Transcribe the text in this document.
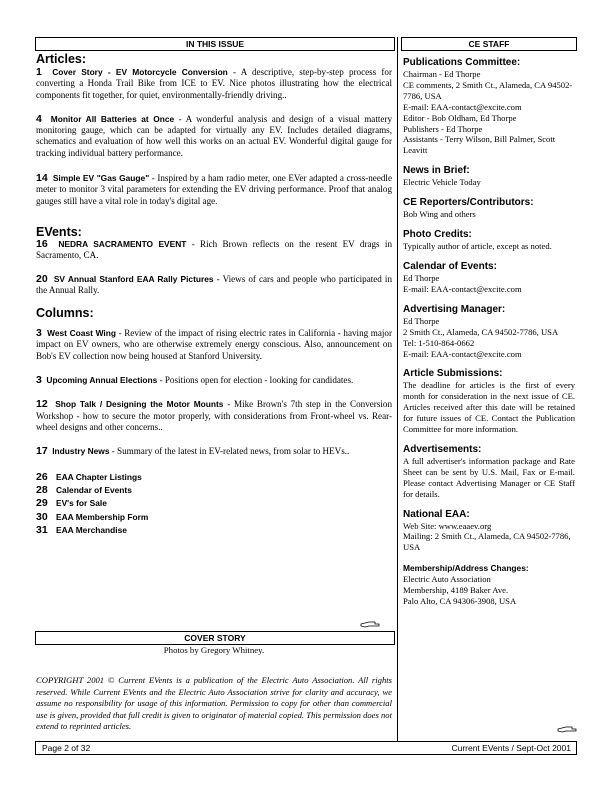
IN THIS ISSUE	CE STAFF

Articles:

1 Cover Story - EV Motorcycle Conversion - A descriptive, step-by-step process for converting a Honda Trail Bike from ICE to EV. Nice photos illustrating how the electrical components fit together, for quiet, environmentally-friendly driving..

4 Monitor All Batteries at Once - A wonderful analysis and design of a visual mattery monitoring gauge, which can be adapted for virtually any EV. Includes detailed diagrams, schematics and evaluation of how well this works on an actual EV. Wonderful digital gauge for tracking individual battery performance.

14 Simple EV "Gas Gauge" - Inspired by a ham radio meter, one EVer adapted a cross-needle meter to monitor 3 vital parameters for extending the EV driving performance. Proof that analog gauges still have a vital role in today's digital age.

EVents:

16 NEDRA SACRAMENTO EVENT - Rich Brown reflects on the resent EV drags in Sacramento, CA.

20 SV Annual Stanford EAA Rally Pictures - Views of cars and people who participated in the Annual Rally.

Columns:

3 West Coast Wing - Review of the impact of rising electric rates in California - having major impact on EV owners, who are otherwise extremely energy conscious. Also, announcement on Bob's EV collection now being housed at Stanford University.

3 Upcoming Annual Elections - Positions open for election - looking for candidates.

12 Shop Talk / Designing the Motor Mounts - Mike Brown's 7th step in the Conversion Workshop - how to secure the motor properly, with considerations from Front-wheel vs. Rear-wheel designs and other concerns..

17 Industry News - Summary of the latest in EV-related news, from solar to HEVs..

26 EAA Chapter Listings

28 Calendar of Events

29 EV's for Sale

30 EAA Membership Form

31 EAA Merchandise

COVER STORY
Photos by Gregory Whitney.
COPYRIGHT 2001 © Current EVents is a publication of the Electric Auto Association. All rights reserved. While Current EVents and the Electric Auto Association strive for clarity and accuracy, we assume no responsibility for usage of this information. Permission to copy for other than commercial use is given, provided that full credit is given to originator of material copied. This permission does not extend to reprinted articles.

Publications Committee:

Chairman - Ed Thorpe

CE comments, 2 Smith Ct., Alameda, CA 94502-7786, USA

E-mail: EAA-contact@excite.com

Editor - Bob Oldham, Ed Thorpe

Publishers - Ed Thorpe

Assistants - Terry Wilson, Bill Palmer, Scott Leavitt

News in Brief:

Electric Vehicle Today

CE Reporters/Contributors:

Bob Wing and others

Photo Credits:

Typically author of article, except as noted.

Calendar of Events:

Ed Thorpe

E-mail: EAA-contact@excite.com

Advertising Manager:

Ed Thorpe

2 Smith Ct., Alameda, CA 94502-7786, USA

Tel: 1-510-864-0662

E-mail: EAA-contact@excite.com

Article Submissions:

The deadline for articles is the first of every month for consideration in the next issue of CE. Articles received after this date will be retained for future issues of CE. Contact the Publication Committee for more information.

Advertisements:

A full advertiser's information package and Rate Sheet can be sent by U.S. Mail, Fax or E-mail. Please contact Advertising Manager or CE Staff for details.

National EAA:

Web Site: www.eaaev.org

Mailing: 2 Smith Ct., Alameda, CA 94502-7786, USA

Membership/Address Changes:

Electric Auto Association

Membership, 4189 Baker Ave.

Palo Alto, CA 94306-3908, USA

Page 2 of 32	Current EVents / Sept-Oct 2001
